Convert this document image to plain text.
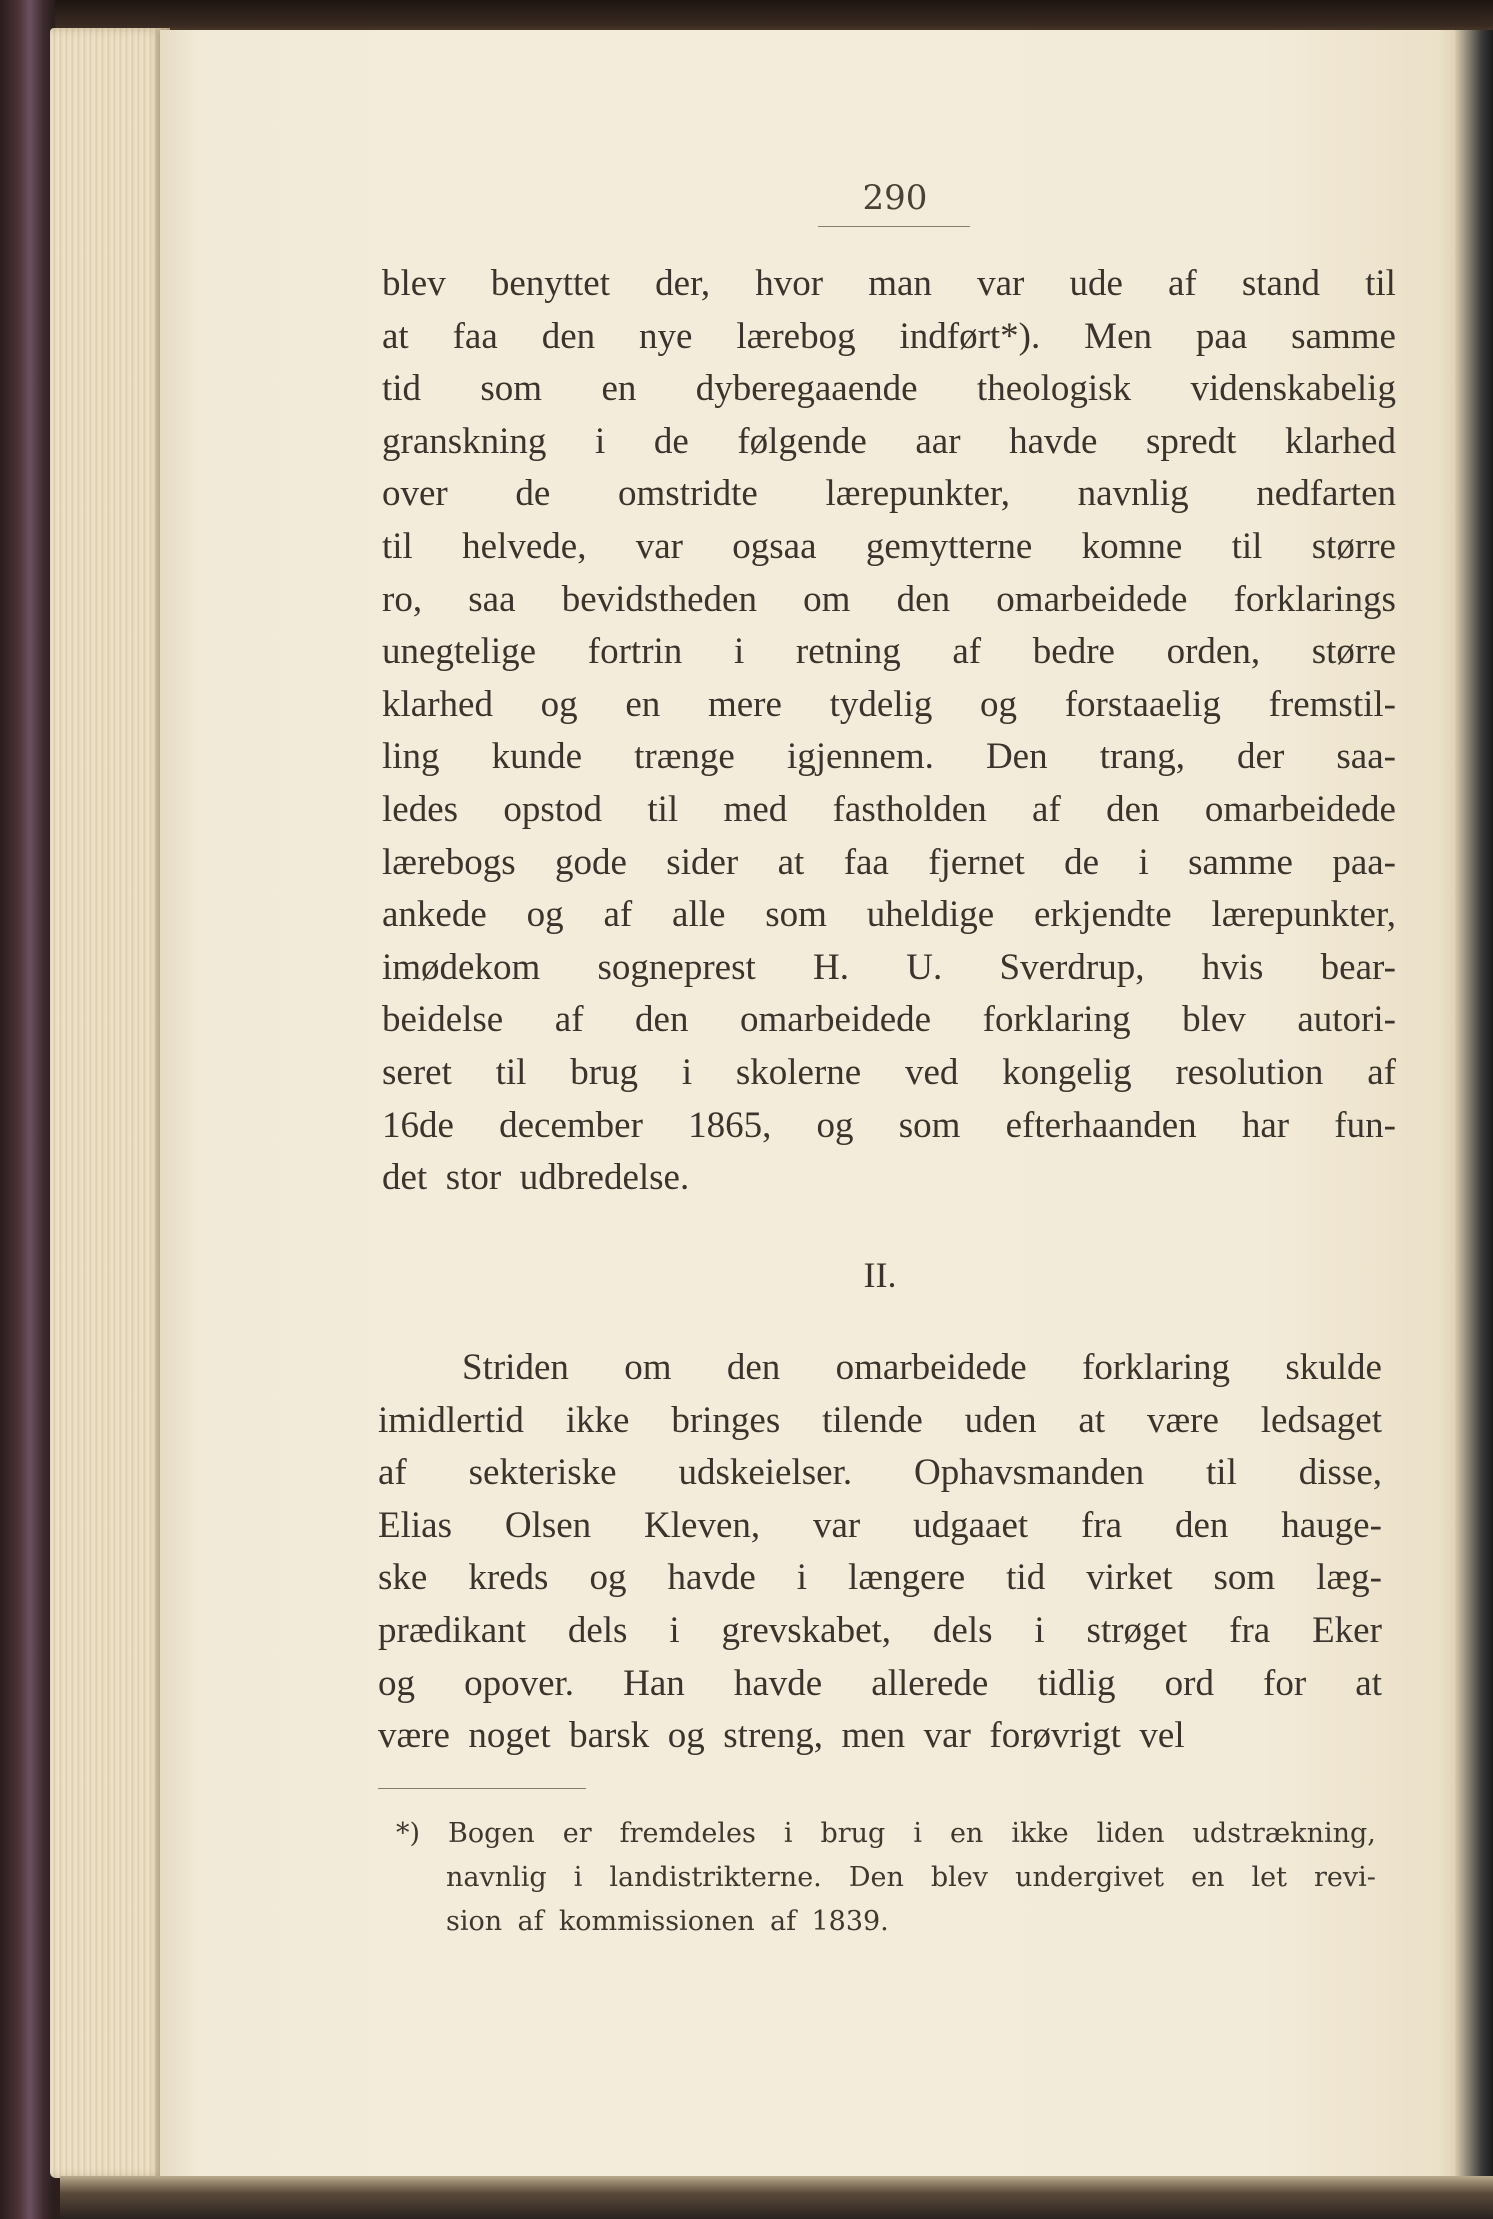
290
blev benyttet der, hvor man var ude af stand til
at faa den nye lærebog indført*). Men paa samme
tid som en dyberegaaende theologisk videnskabelig
granskning i de følgende aar havde spredt klarhed
over de omstridte lærepunkter, navnlig nedfarten
til helvede, var ogsaa gemytterne komne til større
ro, saa bevidstheden om den omarbeidede forklarings
unegtelige fortrin i retning af bedre orden, større
klarhed og en mere tydelig og forstaaelig fremstil-
ling kunde trænge igjennem. Den trang, der saa-
ledes opstod til med fastholden af den omarbeidede
lærebogs gode sider at faa fjernet de i samme paa-
ankede og af alle som uheldige erkjendte lærepunkter,
imødekom sogneprest H. U. Sverdrup, hvis bear-
beidelse af den omarbeidede forklaring blev autori-
seret til brug i skolerne ved kongelig resolution af
16de december 1865, og som efterhaanden har fun-
det stor udbredelse.
II.
Striden om den omarbeidede forklaring skulde
imidlertid ikke bringes tilende uden at være ledsaget
af sekteriske udskeielser. Ophavsmanden til disse,
Elias Olsen Kleven, var udgaaet fra den hauge-
ske kreds og havde i længere tid virket som læg-
prædikant dels i grevskabet, dels i strøget fra Eker
og opover. Han havde allerede tidlig ord for at
være noget barsk og streng, men var forøvrigt vel
*) Bogen er fremdeles i brug i en ikke liden udstrækning,
navnlig i landistrikterne. Den blev undergivet en let revi-
sion af kommissionen af 1839.
